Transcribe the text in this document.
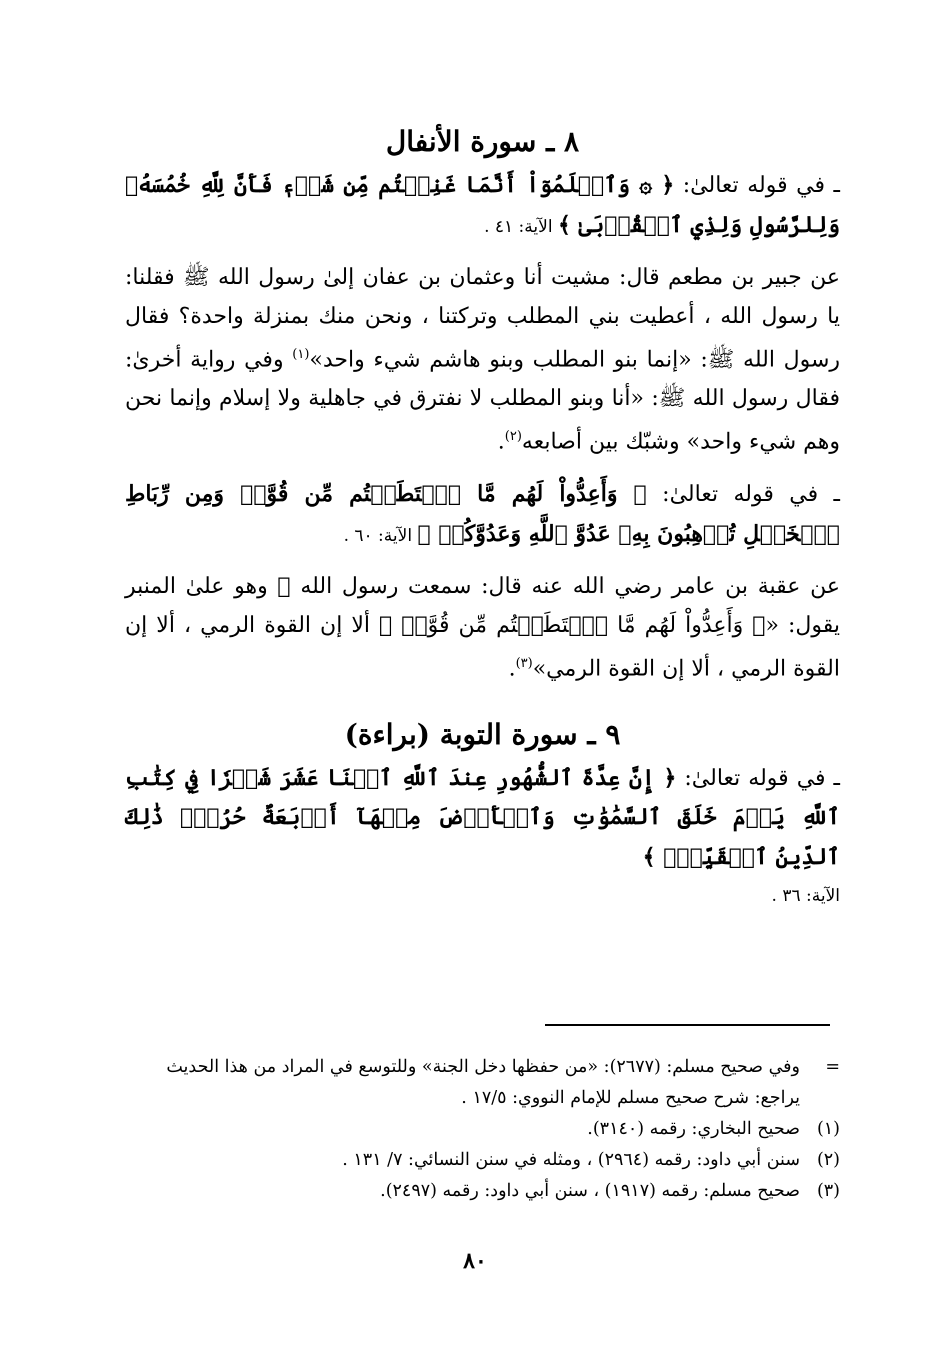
٨ ـ سورة الأنفال

ـ في قوله تعالىٰ: ﴿ ۞ وَٱعۡلَمُوٓاْ أَنَّمَا غَنِمۡتُم مِّن شَيۡءٖ فَأَنَّ لِلَّهِ خُمُسَهُۥ وَلِلرَّسُولِ وَلِذِي ٱلۡقُرۡبَىٰ ﴾ الآية: ٤١ .

عن جبير بن مطعم قال: مشيت أنا وعثمان بن عفان إلىٰ رسول الله ﷺ فقلنا: يا رسول الله ، أعطيت بني المطلب وتركتنا ، ونحن منك بمنزلة واحدة؟ فقال رسول الله ﷺ: «إنما بنو المطلب وبنو هاشم شيء واحد»$^{(١)}$ وفي رواية أخرىٰ: فقال رسول الله ﷺ: «أنا وبنو المطلب لا نفترق في جاهلية ولا إسلام وإنما نحن وهم شيء واحد» وشبّك بين أصابعه$^{(٢)}$.

ـ في قوله تعالىٰ: ﴿ وَأَعِدُّواْ لَهُم مَّا ٱسۡتَطَعۡتُم مِّن قُوَّةٖ وَمِن رِّبَاطِ ٱلۡخَيۡلِ تُرۡهِبُونَ بِهِۦ عَدُوَّ ٱللَّهِ وَعَدُوَّكُمۡ ﴾ الآية: ٦٠ .

عن عقبة بن عامر رضي الله عنه قال: سمعت رسول الله ﷺ وهو علىٰ المنبر يقول: «﴿ وَأَعِدُّواْ لَهُم مَّا ٱسۡتَطَعۡتُم مِّن قُوَّةٖ ﴾ ألا إن القوة الرمي ، ألا إن القوة الرمي ، ألا إن القوة الرمي»$^{(٣)}$.

٩ ـ سورة التوبة (براءة)

ـ في قوله تعالىٰ: ﴿ إِنَّ عِدَّةَ ٱلشُّهُورِ عِندَ ٱللَّهِ ٱثۡنَا عَشَرَ شَهۡرٗا فِي كِتَٰبِ ٱللَّهِ يَوۡمَ خَلَقَ ٱلسَّمَٰوَٰتِ وَٱلۡأَرۡضَ مِنۡهَآ أَرۡبَعَةٌ حُرُمٞۚ ذَٰلِكَ ٱلدِّينُ ٱلۡقَيِّمُۚ ﴾

الآية: ٣٦ .

=
وفي صحيح مسلم: (٢٦٧٧): «من حفظها دخل الجنة» وللتوسع في المراد من هذا الحديث يراجع: شرح صحيح مسلم للإمام النووي: ١٧/٥ .
(١)
صحيح البخاري: رقمه (٣١٤٠).
(٢)
سنن أبي داود: رقمه (٢٩٦٤) ، ومثله في سنن النسائي: ٧/ ١٣١ .
(٣)
صحيح مسلم: رقمه (١٩١٧) ، سنن أبي داود: رقمه (٢٤٩٧).
٨٠
